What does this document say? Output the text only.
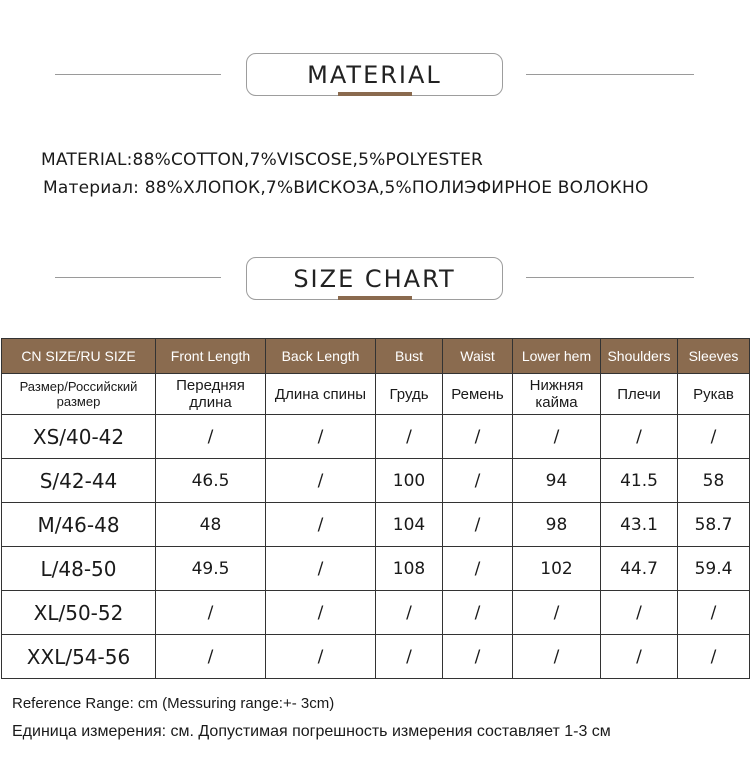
MATERIAL
MATERIAL:88%COTTON,7%VISCOSE,5%POLYESTER
Материал: 88%ХЛОПОК,7%ВИСКОЗА,5%ПОЛИЭФИРНОЕ ВОЛОКНО
SIZE CHART
CN SIZE/RU SIZE	Front Length	Back Length	Bust	Waist	Lower hem	Shoulders	Sleeves
Размер/Российский размер	Передняя длина	Длина спины	Грудь	Ремень	Нижняя кайма	Плечи	Рукав
XS/40-42	/	/	/	/	/	/	/
S/42-44	46.5	/	100	/	94	41.5	58
M/46-48	48	/	104	/	98	43.1	58.7
L/48-50	49.5	/	108	/	102	44.7	59.4
XL/50-52	/	/	/	/	/	/	/
XXL/54-56	/	/	/	/	/	/	/
Reference Range: cm (Messuring range:+- 3cm)
Единица измерения: см. Допустимая погрешность измерения составляет 1-3 см
